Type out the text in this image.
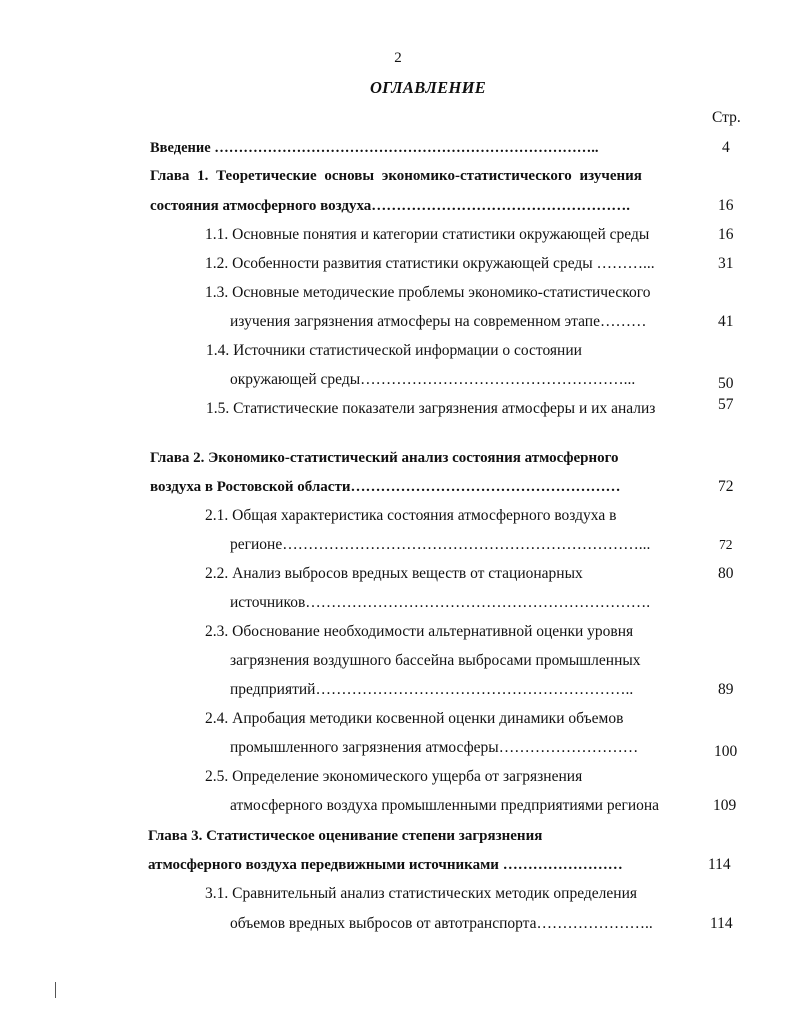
2
ОГЛАВЛЕНИЕ
Стр.
Введение ……………………………………………………………………..	4
Глава 1. Теоретические основы экономико-статистического изучения
состояния атмосферного воздуха…………………………………………….	16
1.1. Основные понятия и категории статистики окружающей среды	16
1.2. Особенности развития статистики окружающей среды ………...	31
1.3. Основные методические проблемы экономико-статистического
изучения загрязнения атмосферы на современном этапе………	41
1.4. Источники статистической информации о состоянии
окружающей среды……………………………………………...	50
1.5. Статистические показатели загрязнения атмосферы и их анализ	57
Глава 2. Экономико-статистический анализ состояния атмосферного
воздуха в Ростовской области………………………………………………	72
2.1. Общая характеристика состояния атмосферного воздуха в
регионе……………………………………………………………...	72
2.2. Анализ выбросов вредных веществ от стационарных	80
источников………………………………………………………….
2.3. Обоснование необходимости альтернативной оценки уровня
загрязнения воздушного бассейна выбросами промышленных
предприятий……………………………………………………..	89
2.4. Апробация методики косвенной оценки динамики объемов
промышленного загрязнения атмосферы………………………	100
2.5. Определение экономического ущерба от загрязнения
атмосферного воздуха промышленными предприятиями региона	109
Глава 3. Статистическое оценивание степени загрязнения
атмосферного воздуха передвижными источниками ……………………	114
3.1. Сравнительный анализ статистических методик определения
объемов вредных выбросов от автотранспорта…………………..	114
